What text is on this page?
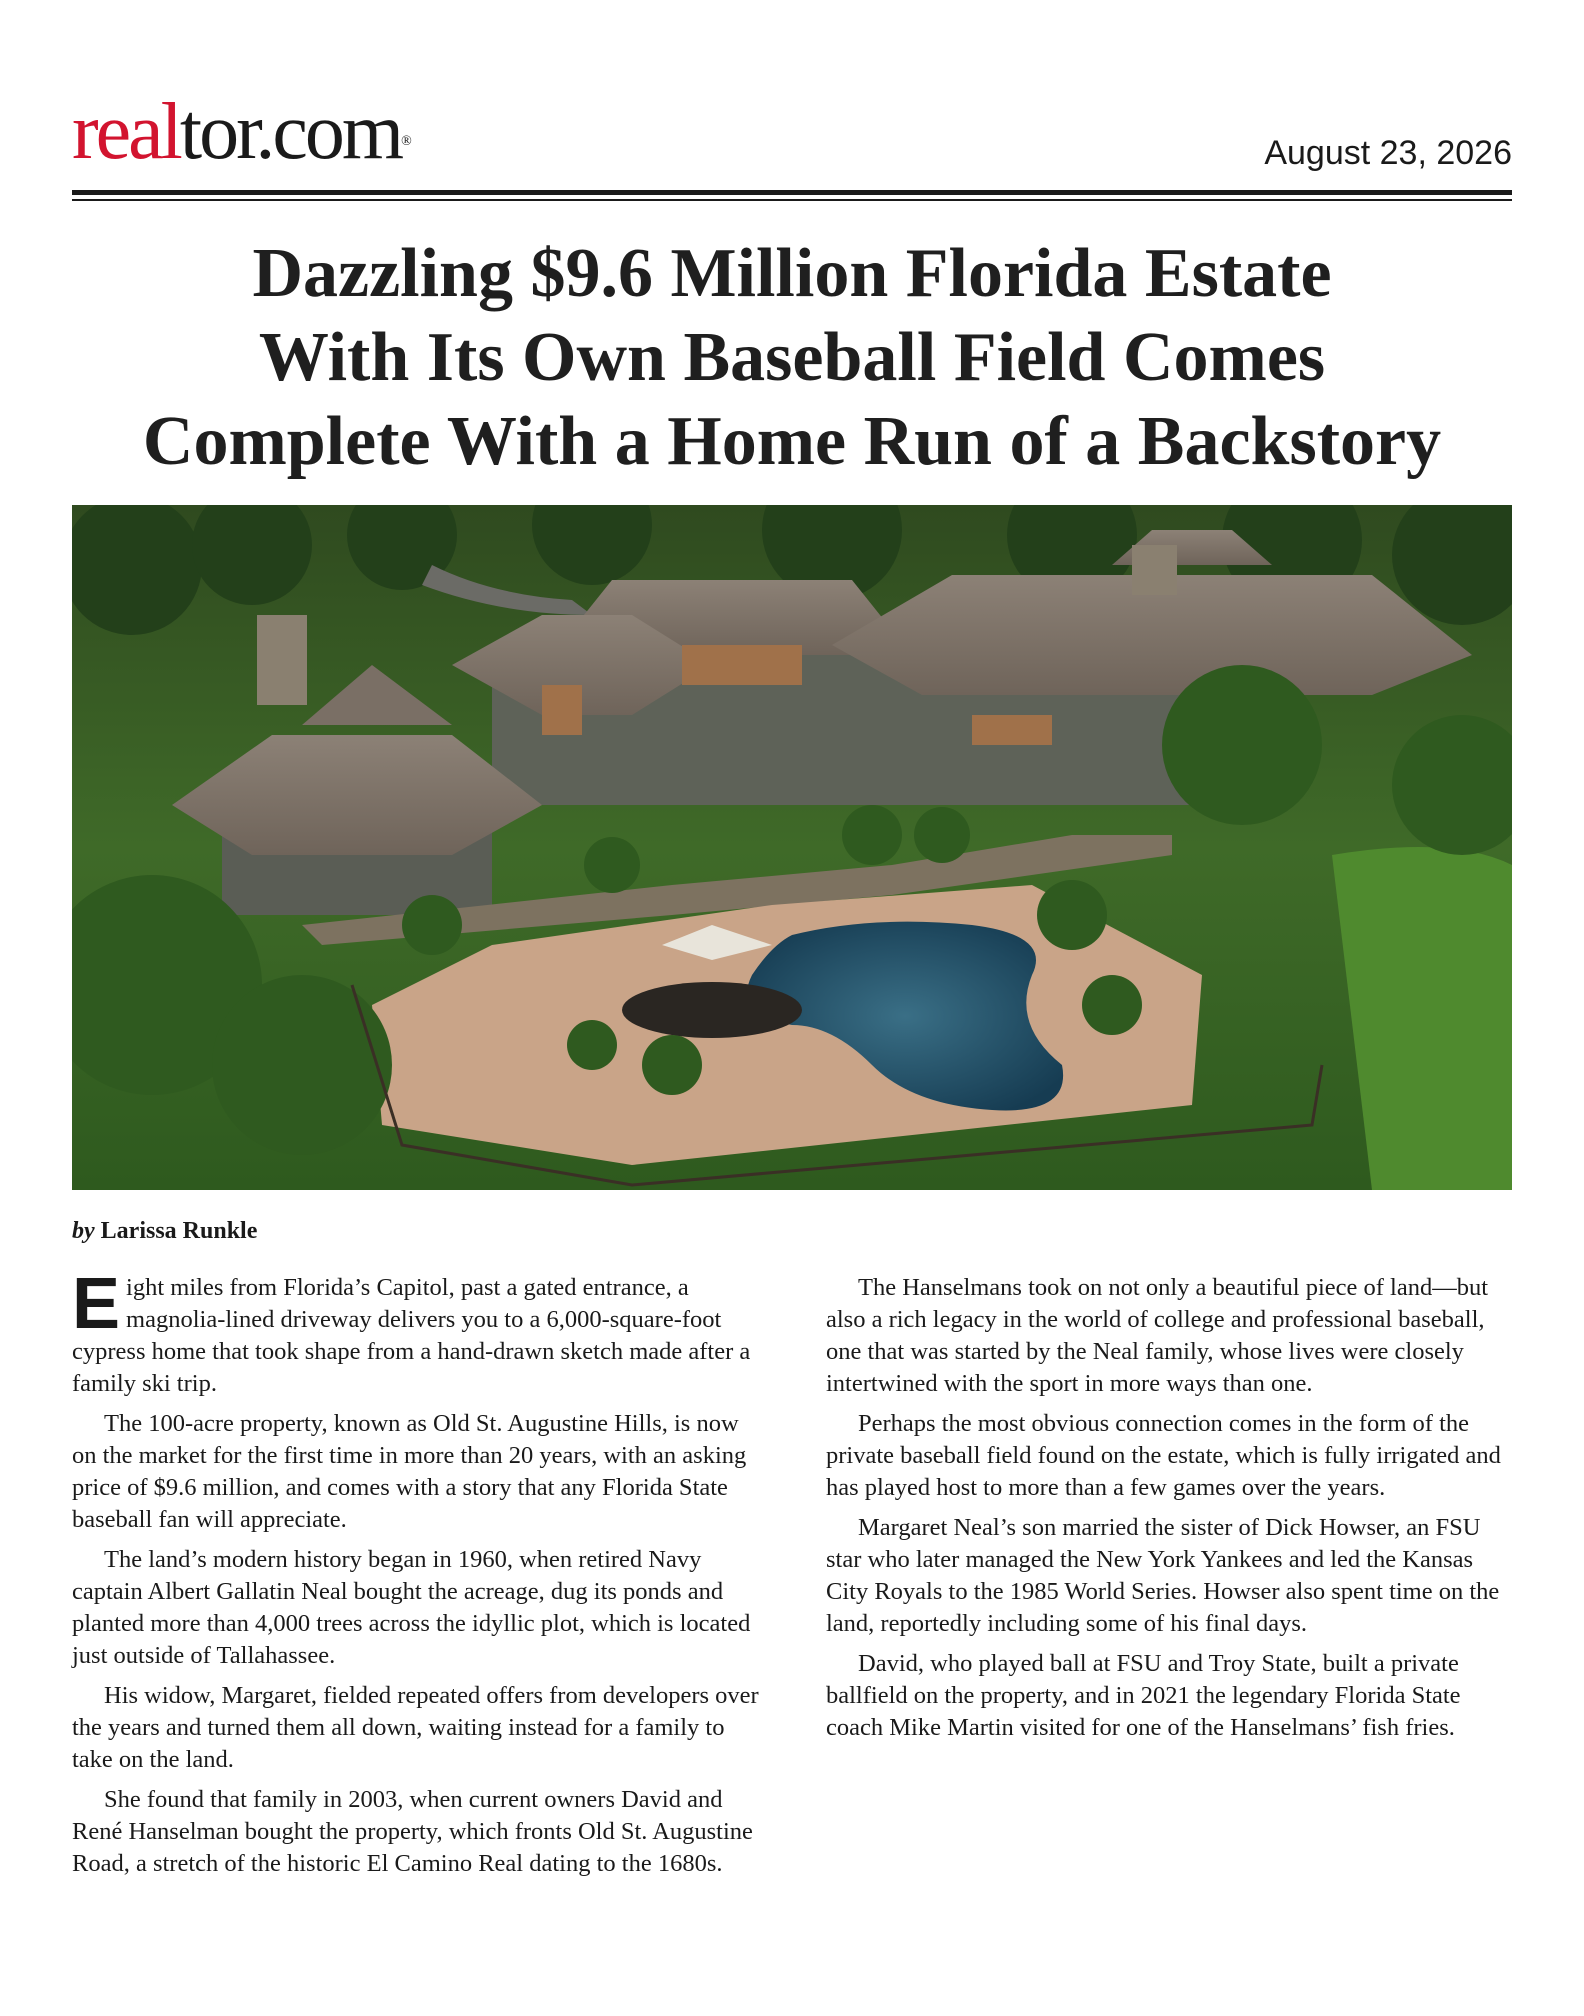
realtor.com®	August 23, 2026
Dazzling $9.6 Million Florida Estate
With Its Own Baseball Field Comes
Complete With a Home Run of a Backstory
by Larissa Runkle

Eight miles from Florida’s Capitol, past a gated entrance, a magnolia-lined driveway delivers you to a 6,000-square-foot cypress home that took shape from a hand-drawn sketch made after a family ski trip.

The 100-acre property, known as Old St. Augustine Hills, is now on the market for the first time in more than 20 years, with an asking price of $9.6 million, and comes with a story that any Florida State baseball fan will appreciate.

The land’s modern history began in 1960, when retired Navy captain Albert Gallatin Neal bought the acreage, dug its ponds and planted more than 4,000 trees across the idyllic plot, which is located just outside of Tallahassee.

His widow, Margaret, fielded repeated offers from developers over the years and turned them all down, waiting instead for a family to take on the land.

She found that family in 2003, when current owners David and René Hanselman bought the property, which fronts Old St. Augustine Road, a stretch of the historic El Camino Real dating to the 1680s.

The Hanselmans took on not only a beautiful piece of land—but also a rich legacy in the world of college and professional baseball, one that was started by the Neal family, whose lives were closely intertwined with the sport in more ways than one.

Perhaps the most obvious connection comes in the form of the private baseball field found on the estate, which is fully irrigated and has played host to more than a few games over the years.

Margaret Neal’s son married the sister of Dick Howser, an FSU star who later managed the New York Yankees and led the Kansas City Royals to the 1985 World Series. Howser also spent time on the land, reportedly including some of his final days.

David, who played ball at FSU and Troy State, built a private ballfield on the property, and in 2021 the legendary Florida State coach Mike Martin visited for one of the Hanselmans’ fish fries.
